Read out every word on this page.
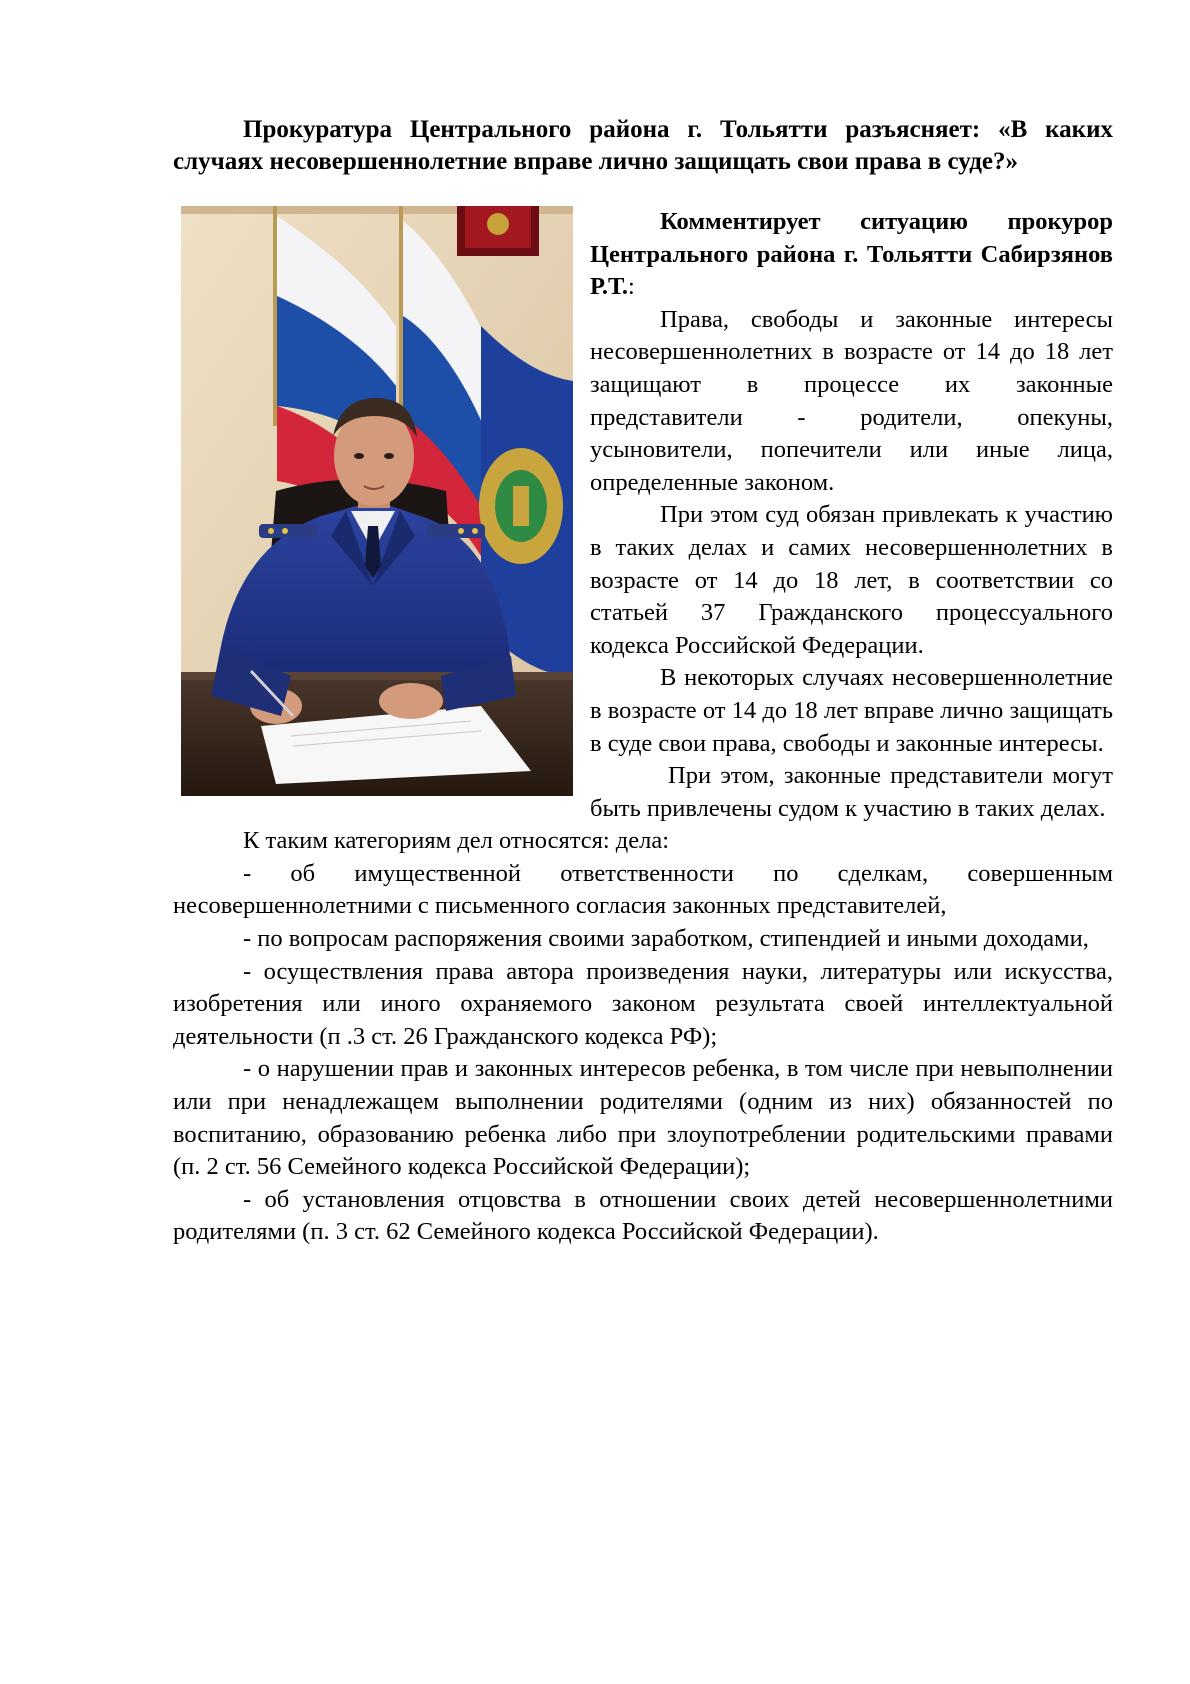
Прокуратура Центрального района г. Тольятти разъясняет: «В каких случаях несовершеннолетние вправе лично защищать свои права в суде?»

Комментирует ситуацию прокурор Центрального района г. Тольятти Сабирзянов Р.Т.:

Права, свободы и законные интересы несовершеннолетних в возрасте от 14 до 18 лет защищают в процессе их законные представители - родители, опекуны, усыновители, попечители или иные лица, определенные законом.

При этом суд обязан привлекать к участию в таких делах и самих несовершеннолетних в возрасте от 14 до 18 лет, в соответствии со статьей 37 Гражданского процессуального кодекса Российской Федерации.

В некоторых случаях несовершеннолетние в возрасте от 14 до 18 лет вправе лично защищать в суде свои права, свободы и законные интересы.

При этом, законные представители могут быть привлечены судом к участию в таких делах.

К таким категориям дел относятся: дела:

- об имущественной ответственности по сделкам, совершенным несовершеннолетними с письменного согласия законных представителей,

- по вопросам распоряжения своими заработком, стипендией и иными доходами,

- осуществления права автора произведения науки, литературы или искусства, изобретения или иного охраняемого законом результата своей интеллектуальной деятельности (п .3 ст. 26 Гражданского кодекса РФ);

- о нарушении прав и законных интересов ребенка, в том числе при невыполнении или при ненадлежащем выполнении родителями (одним из них) обязанностей по воспитанию, образованию ребенка либо при злоупотреблении родительскими правами (п. 2 ст. 56 Семейного кодекса Российской Федерации);

- об установления отцовства в отношении своих детей несовершеннолетними родителями (п. 3 ст. 62 Семейного кодекса Российской Федерации).
